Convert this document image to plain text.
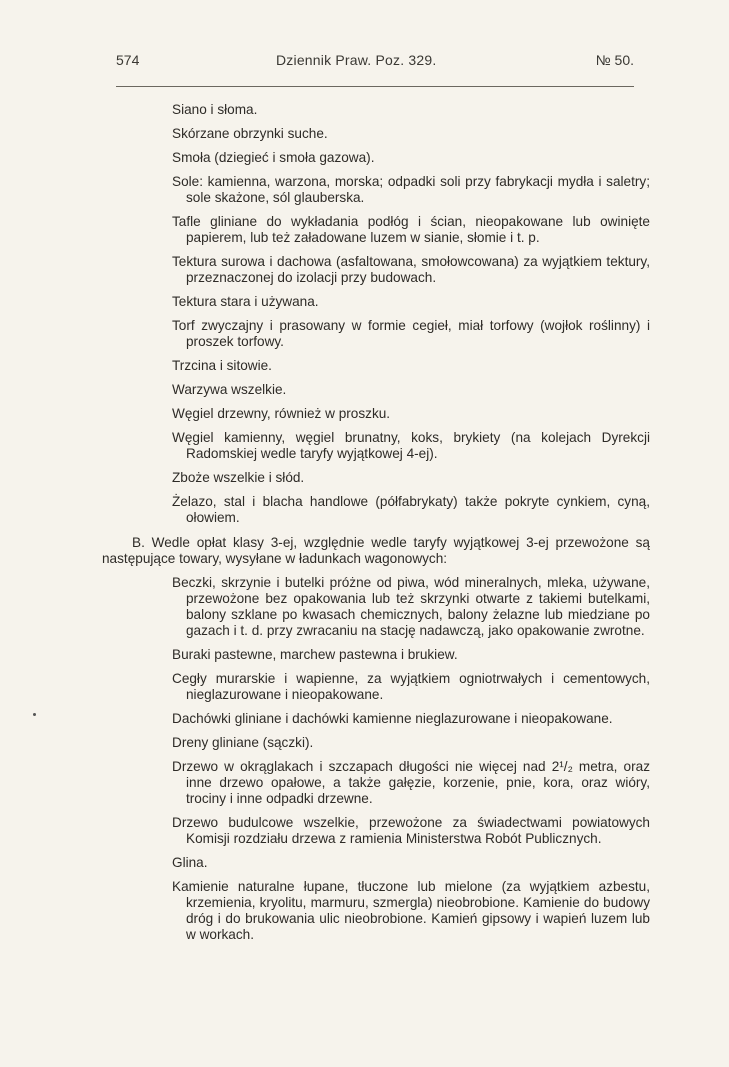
574	Dziennik Praw. Poz. 329.	№ 50.

Siano i słoma.

Skórzane obrzynki suche.

Smoła (dziegieć i smoła gazowa).

Sole: kamienna, warzona, morska; odpadki soli przy fabrykacji mydła i saletry; sole skażone, sól glauberska.

Tafle gliniane do wykładania podłóg i ścian, nieopakowane lub owinięte papierem, lub też załadowane luzem w sianie, słomie i t. p.

Tektura surowa i dachowa (asfaltowana, smołowcowana) za wyjątkiem tektury, przeznaczonej do izolacji przy budowach.

Tektura stara i używana.

Torf zwyczajny i prasowany w formie cegieł, miał torfowy (wojłok roślinny) i proszek torfowy.

Trzcina i sitowie.

Warzywa wszelkie.

Węgiel drzewny, również w proszku.

Węgiel kamienny, węgiel brunatny, koks, brykiety (na kolejach Dyrekcji Radomskiej wedle taryfy wyjątkowej 4-ej).

Zboże wszelkie i słód.

Żelazo, stal i blacha handlowe (półfabrykaty) także pokryte cynkiem, cyną, ołowiem.

B. Wedle opłat klasy 3-ej, względnie wedle taryfy wyjątkowej 3-ej przewożone są następujące towary, wysyłane w ładunkach wagonowych:

Beczki, skrzynie i butelki próżne od piwa, wód mineralnych, mleka, używane, przewożone bez opakowania lub też skrzynki otwarte z takiemi butelkami, balony szklane po kwasach chemicznych, balony żelazne lub miedziane po gazach i t. d. przy zwracaniu na stację nadawczą, jako opakowanie zwrotne.

Buraki pastewne, marchew pastewna i brukiew.

Cegły murarskie i wapienne, za wyjątkiem ogniotrwałych i cementowych, nieglazurowane i nieopakowane.

Dachówki gliniane i dachówki kamienne nieglazurowane i nieopakowane.

Dreny gliniane (sączki).

Drzewo w okrąglakach i szczapach długości nie więcej nad 2¹/₂ metra, oraz inne drzewo opałowe, a także gałęzie, korzenie, pnie, kora, oraz wióry, trociny i inne odpadki drzewne.

Drzewo budulcowe wszelkie, przewożone za świadectwami powiatowych Komisji rozdziału drzewa z ramienia Ministerstwa Robót Publicznych.

Glina.

Kamienie naturalne łupane, tłuczone lub mielone (za wyjątkiem azbestu, krzemienia, kryolitu, marmuru, szmergla) nieobrobione. Kamienie do budowy dróg i do brukowania ulic nieobrobione. Kamień gipsowy i wapień luzem lub w workach.
